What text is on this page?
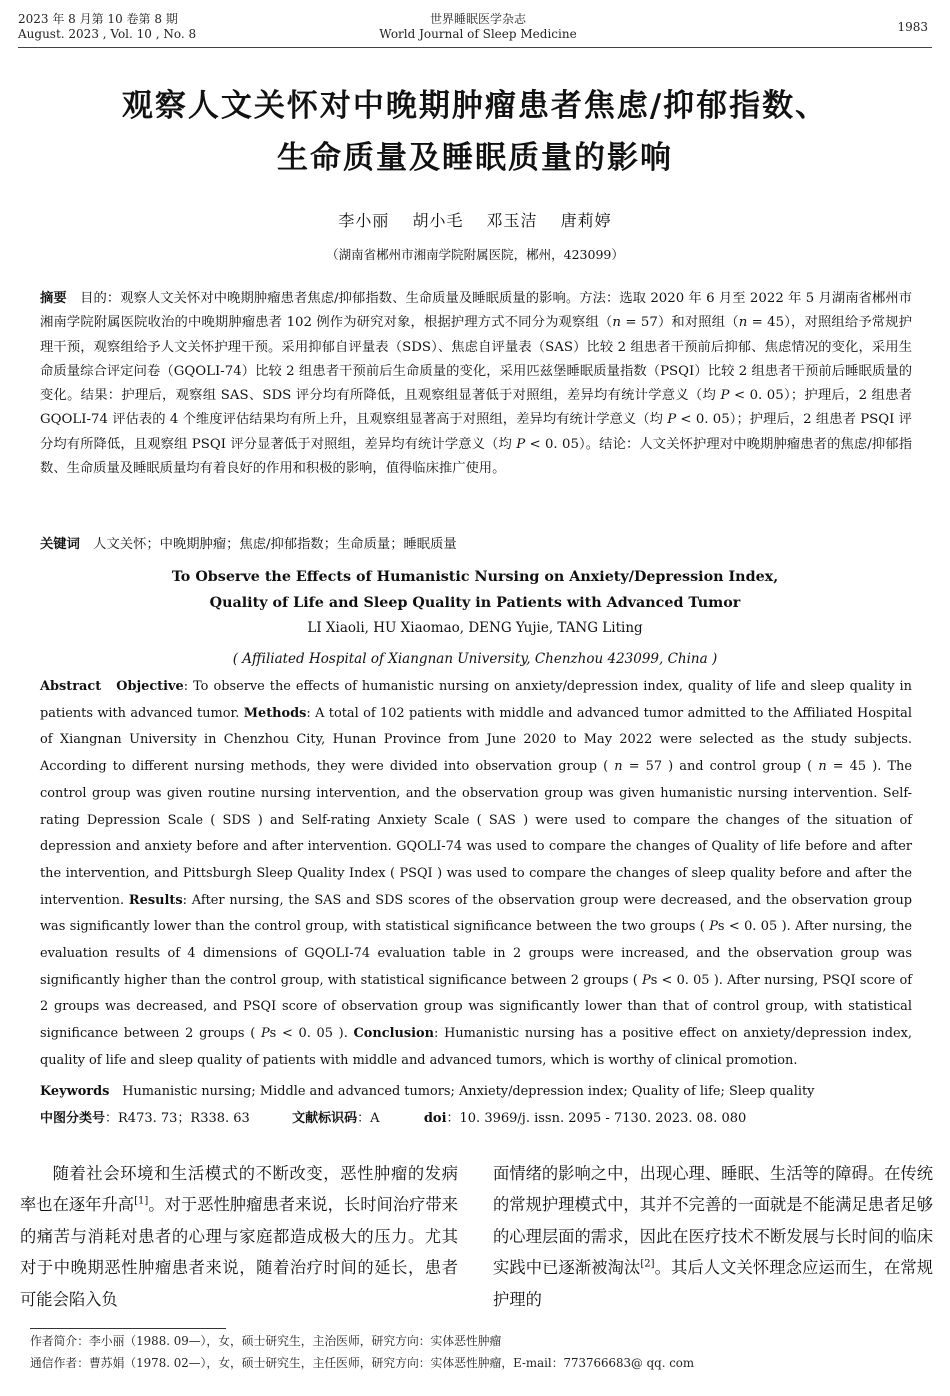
2023 年 8 月第 10 卷第 8 期
August. 2023 , Vol. 10 , No. 8
世界睡眠医学杂志
World Journal of Sleep Medicine	1983
观察人文关怀对中晚期肿瘤患者焦虑/抑郁指数、
生命质量及睡眠质量的影响
李小丽　 胡小毛　 邓玉洁　 唐莉婷
（湖南省郴州市湘南学院附属医院，郴州，423099）
摘要　目的：观察人文关怀对中晚期肿瘤患者焦虑/抑郁指数、生命质量及睡眠质量的影响。方法：选取 2020 年 6 月至 2022 年 5 月湖南省郴州市湘南学院附属医院收治的中晚期肿瘤患者 102 例作为研究对象，根据护理方式不同分为观察组（n = 57）和对照组（n = 45），对照组给予常规护理干预，观察组给予人文关怀护理干预。采用抑郁自评量表（SDS）、焦虑自评量表（SAS）比较 2 组患者干预前后抑郁、焦虑情况的变化，采用生命质量综合评定问卷（GQOLI-74）比较 2 组患者干预前后生命质量的变化，采用匹兹堡睡眠质量指数（PSQI）比较 2 组患者干预前后睡眠质量的变化。结果：护理后，观察组 SAS、SDS 评分均有所降低，且观察组显著低于对照组，差异均有统计学意义（均 P < 0. 05）；护理后，2 组患者 GQOLI-74 评估表的 4 个维度评估结果均有所上升，且观察组显著高于对照组，差异均有统计学意义（均 P < 0. 05）；护理后，2 组患者 PSQI 评分均有所降低，且观察组 PSQI 评分显著低于对照组，差异均有统计学意义（均 P < 0. 05）。结论：人文关怀护理对中晚期肿瘤患者的焦虑/抑郁指数、生命质量及睡眠质量均有着良好的作用和积极的影响，值得临床推广使用。
关键词　人文关怀；中晚期肿瘤；焦虑/抑郁指数；生命质量；睡眠质量
To Observe the Effects of Humanistic Nursing on Anxiety/Depression Index,
Quality of Life and Sleep Quality in Patients with Advanced Tumor
LI Xiaoli, HU Xiaomao, DENG Yujie, TANG Liting
( Affiliated Hospital of Xiangnan University, Chenzhou 423099, China )
Abstract Objective: To observe the effects of humanistic nursing on anxiety/depression index, quality of life and sleep quality in patients with advanced tumor. Methods: A total of 102 patients with middle and advanced tumor admitted to the Affiliated Hospital of Xiangnan University in Chenzhou City, Hunan Province from June 2020 to May 2022 were selected as the study subjects. According to different nursing methods, they were divided into observation group ( n = 57 ) and control group ( n = 45 ). The control group was given routine nursing intervention, and the observation group was given humanistic nursing intervention. Self-rating Depression Scale ( SDS ) and Self-rating Anxiety Scale ( SAS ) were used to compare the changes of the situation of depression and anxiety before and after intervention. GQOLI-74 was used to compare the changes of Quality of life before and after the intervention, and Pittsburgh Sleep Quality Index ( PSQI ) was used to compare the changes of sleep quality before and after the intervention. Results: After nursing, the SAS and SDS scores of the observation group were decreased, and the observation group was significantly lower than the control group, with statistical significance between the two groups ( Ps < 0. 05 ). After nursing, the evaluation results of 4 dimensions of GQOLI-74 evaluation table in 2 groups were increased, and the observation group was significantly higher than the control group, with statistical significance between 2 groups ( Ps < 0. 05 ). After nursing, PSQI score of 2 groups was decreased, and PSQI score of observation group was significantly lower than that of control group, with statistical significance between 2 groups ( Ps < 0. 05 ). Conclusion: Humanistic nursing has a positive effect on anxiety/depression index, quality of life and sleep quality of patients with middle and advanced tumors, which is worthy of clinical promotion.
Keywords　Humanistic nursing; Middle and advanced tumors; Anxiety/depression index; Quality of life; Sleep quality
中图分类号：R473. 73；R338. 63	文献标识码：A	doi：10. 3969/j. issn. 2095 - 7130. 2023. 08. 080
随着社会环境和生活模式的不断改变，恶性肿瘤的发病率也在逐年升高[1]。对于恶性肿瘤患者来说，长时间治疗带来的痛苦与消耗对患者的心理与家庭都造成极大的压力。尤其对于中晚期恶性肿瘤患者来说，随着治疗时间的延长，患者可能会陷入负
面情绪的影响之中，出现心理、睡眠、生活等的障碍。在传统的常规护理模式中，其并不完善的一面就是不能满足患者足够的心理层面的需求，因此在医疗技术不断发展与长时间的临床实践中已逐渐被淘汰[2]。其后人文关怀理念应运而生，在常规护理的
作者简介：李小丽（1988. 09—），女，硕士研究生，主治医师，研究方向：实体恶性肿瘤
通信作者：曹苏娟（1978. 02—），女，硕士研究生，主任医师，研究方向：实体恶性肿瘤，E-mail：773766683@ qq. com
